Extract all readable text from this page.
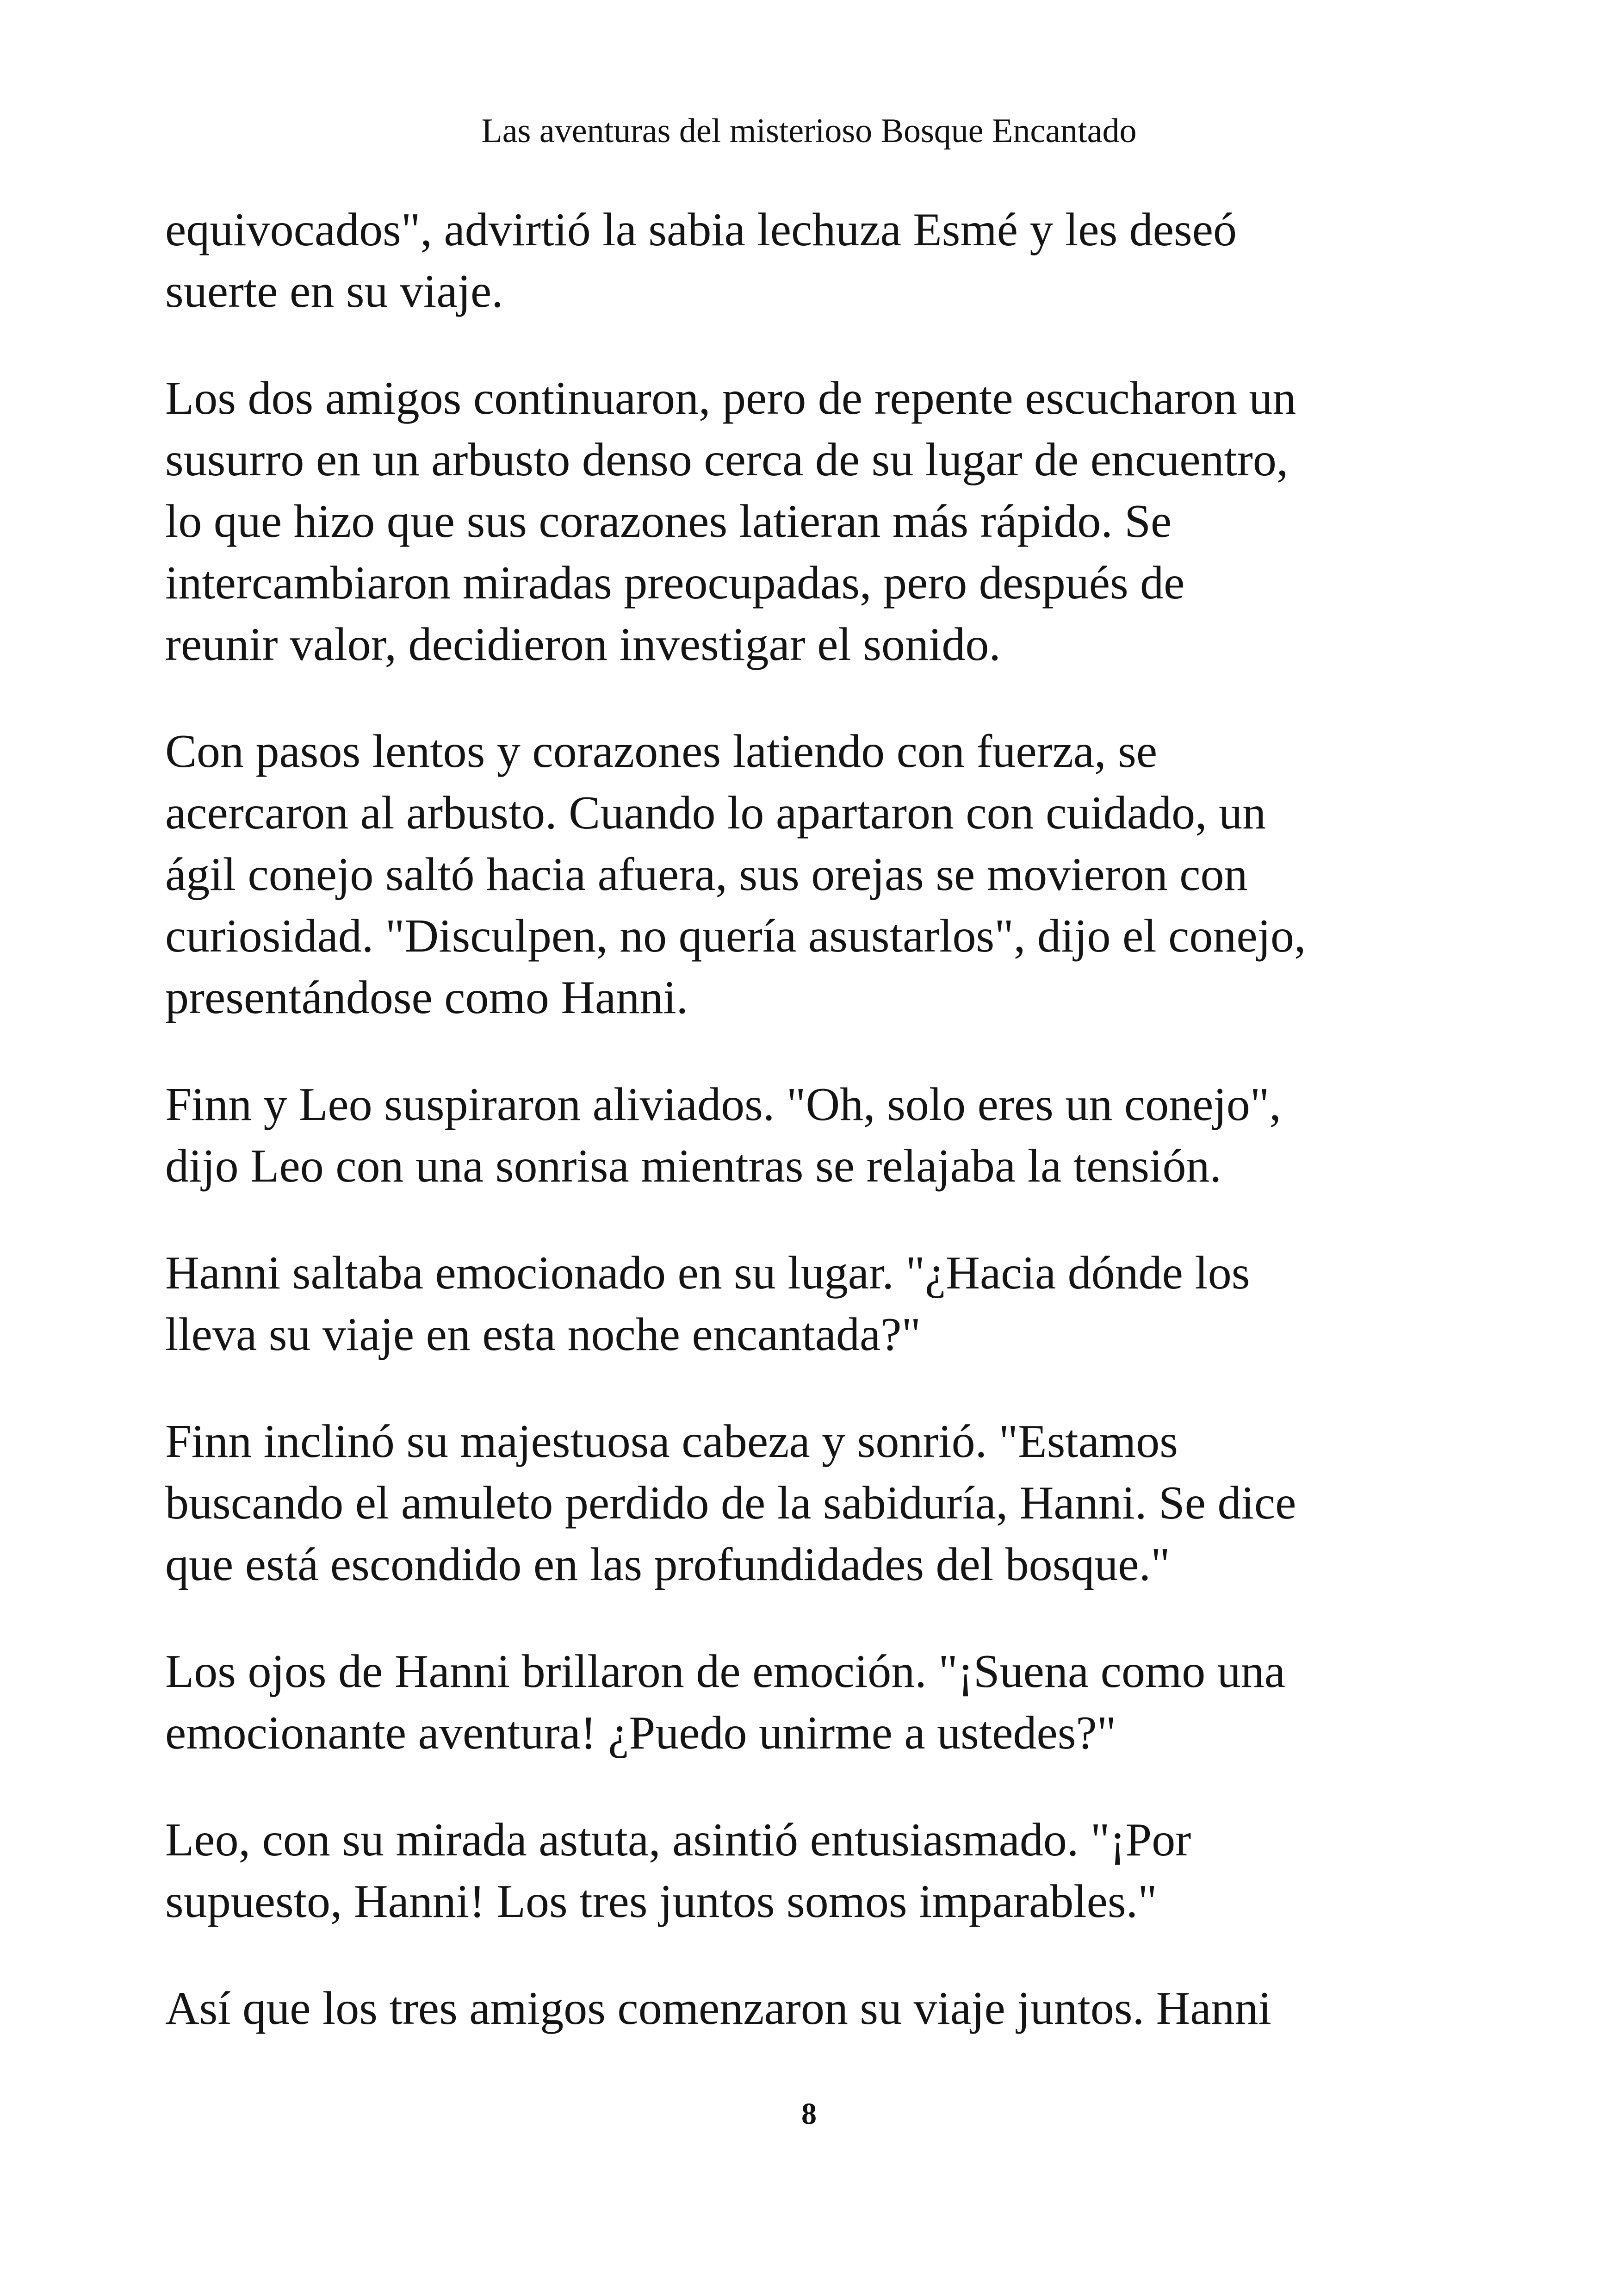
Las aventuras del misterioso Bosque Encantado

equivocados", advirtió la sabia lechuza Esmé y les deseó
suerte en su viaje.

Los dos amigos continuaron, pero de repente escucharon un
susurro en un arbusto denso cerca de su lugar de encuentro,
lo que hizo que sus corazones latieran más rápido. Se
intercambiaron miradas preocupadas, pero después de
reunir valor, decidieron investigar el sonido.

Con pasos lentos y corazones latiendo con fuerza, se
acercaron al arbusto. Cuando lo apartaron con cuidado, un
ágil conejo saltó hacia afuera, sus orejas se movieron con
curiosidad. "Disculpen, no quería asustarlos", dijo el conejo,
presentándose como Hanni.

Finn y Leo suspiraron aliviados. "Oh, solo eres un conejo",
dijo Leo con una sonrisa mientras se relajaba la tensión.

Hanni saltaba emocionado en su lugar. "¿Hacia dónde los
lleva su viaje en esta noche encantada?"

Finn inclinó su majestuosa cabeza y sonrió. "Estamos
buscando el amuleto perdido de la sabiduría, Hanni. Se dice
que está escondido en las profundidades del bosque."

Los ojos de Hanni brillaron de emoción. "¡Suena como una
emocionante aventura! ¿Puedo unirme a ustedes?"

Leo, con su mirada astuta, asintió entusiasmado. "¡Por
supuesto, Hanni! Los tres juntos somos imparables."

Así que los tres amigos comenzaron su viaje juntos. Hanni

8
